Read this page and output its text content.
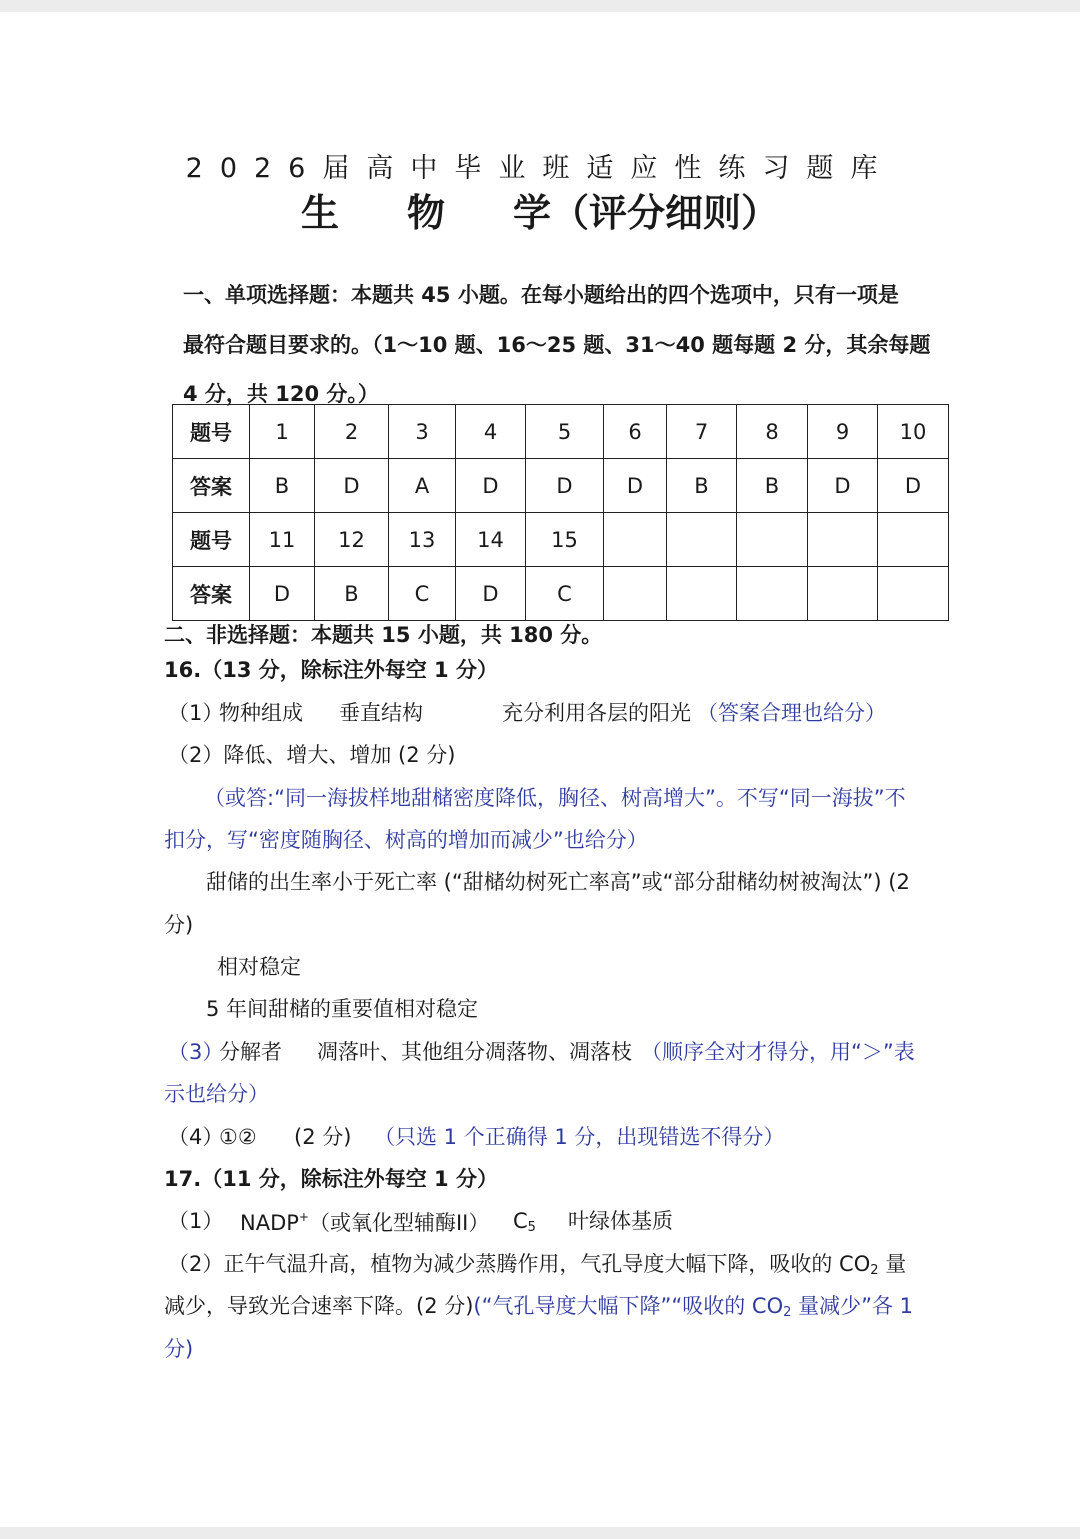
2026届高中毕业班适应性练习题库
生 物 学（评分细则）
一、单项选择题：本题共 45 小题。在每小题给出的四个选项中，只有一项是
最符合题目要求的。（1～10 题、16～25 题、31～40 题每题 2 分，其余每题
4 分，共 120 分。）
题号	1	2	3	4	5	6	7	8	9	10
答案	B	D	A	D	D	D	B	B	D	D
题号	11	12	13	14	15					
答案	D	B	C	D	C					
二、非选择题：本题共 15 小题，共 180 分。
16.（13 分，除标注外每空 1 分）
（1）
物种组成 垂直结构	充分利用各层的阳光 （答案合理也给分）
（2）降低、增大、增加 (2 分)
（或答:“同一海拔样地甜槠密度降低，胸径、树高增大”。不写“同一海拔”不
扣分，写“密度随胸径、树高的增加而减少”也给分）
甜储的出生率小于死亡率 (“甜槠幼树死亡率高”或“部分甜槠幼树被淘汰”) (2
分)
相对稳定
5 年间甜槠的重要值相对稳定
（3）
分解者 凋落叶、其他组分凋落物、凋落枝 （顺序全对才得分，用“＞”表
示也给分）
（4）
①② (2 分) （只选 1 个正确得 1 分，出现错选不得分）
17.（11 分，除标注外每空 1 分）
（1） NADP+（或氧化型辅酶II） $C_5$ 叶绿体基质
（2）正午气温升高，植物为减少蒸腾作用，气孔导度大幅下降，吸收的 $CO_2$ 量
减少，导致光合速率下降。(2 分)(“气孔导度大幅下降”“吸收的 $CO_2$ 量减少”各 1
分)
